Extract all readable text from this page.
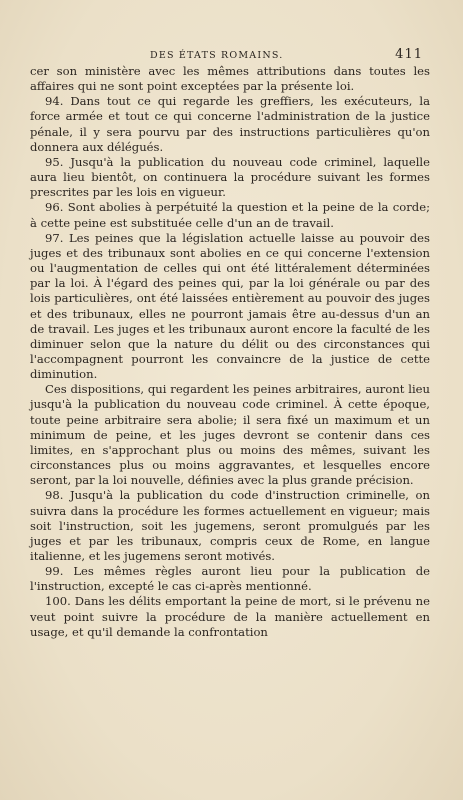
DES ÉTATS ROMAINS.	411

cer son ministère avec les mêmes attributions dans toutes les affaires qui ne sont point exceptées par la présente loi.

94. Dans tout ce qui regarde les greffiers, les exécuteurs, la force armée et tout ce qui concerne l'administration de la justice pénale, il y sera pourvu par des instructions particulières qu'on donnera aux délégués.

95. Jusqu'à la publication du nouveau code criminel, laquelle aura lieu bientôt, on continuera la procédure suivant les formes prescrites par les lois en vigueur.

96. Sont abolies à perpétuité la question et la peine de la corde; à cette peine est substituée celle d'un an de travail.

97. Les peines que la législation actuelle laisse au pouvoir des juges et des tribunaux sont abolies en ce qui concerne l'extension ou l'augmentation de celles qui ont été littéralement déterminées par la loi. À l'égard des peines qui, par la loi générale ou par des lois particulières, ont été laissées entièrement au pouvoir des juges et des tribunaux, elles ne pourront jamais être au-dessus d'un an de travail. Les juges et les tribunaux auront encore la faculté de les diminuer selon que la nature du délit ou des circonstances qui l'accompagnent pourront les convaincre de la justice de cette diminution.

Ces dispositions, qui regardent les peines arbitraires, auront lieu jusqu'à la publication du nouveau code criminel. À cette époque, toute peine arbitraire sera abolie; il sera fixé un maximum et un minimum de peine, et les juges devront se contenir dans ces limites, en s'approchant plus ou moins des mêmes, suivant les circonstances plus ou moins aggravantes, et lesquelles encore seront, par la loi nouvelle, définies avec la plus grande précision.

98. Jusqu'à la publication du code d'instruction criminelle, on suivra dans la procédure les formes actuellement en vigueur; mais soit l'instruction, soit les jugemens, seront promulgués par les juges et par les tribunaux, compris ceux de Rome, en langue italienne, et les jugemens seront motivés.

99. Les mêmes règles auront lieu pour la publication de l'instruction, excepté le cas ci-après mentionné.

100. Dans les délits emportant la peine de mort, si le prévenu ne veut point suivre la procédure de la manière actuellement en usage, et qu'il demande la confrontation
